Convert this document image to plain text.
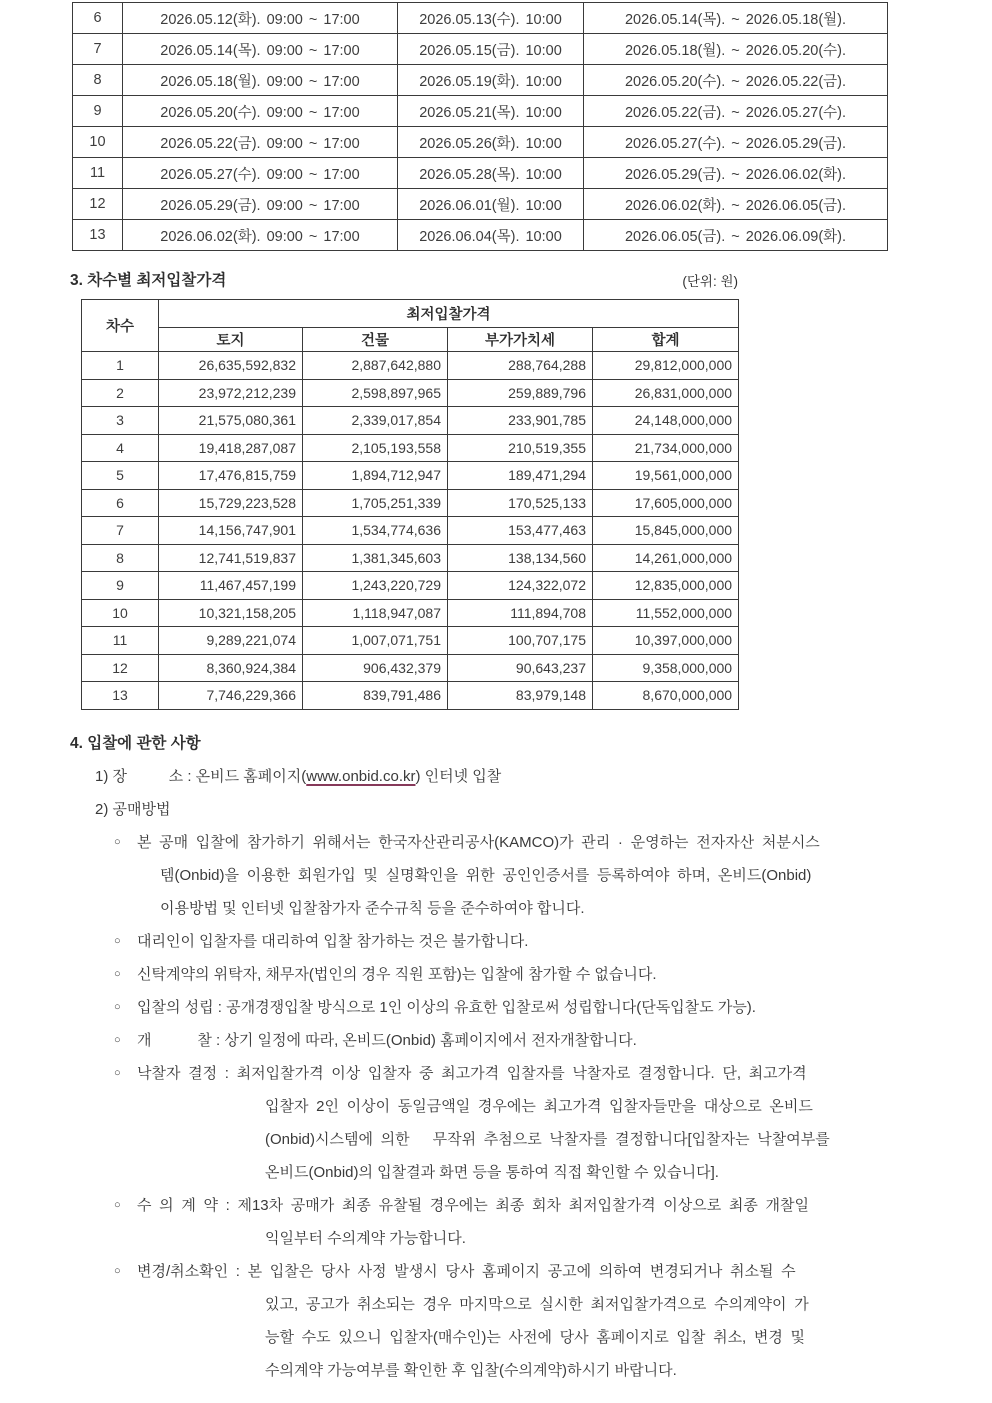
6	2026.05.12(화). 09:00 ~ 17:00	2026.05.13(수). 10:00	2026.05.14(목). ~ 2026.05.18(월).
7	2026.05.14(목). 09:00 ~ 17:00	2026.05.15(금). 10:00	2026.05.18(월). ~ 2026.05.20(수).
8	2026.05.18(월). 09:00 ~ 17:00	2026.05.19(화). 10:00	2026.05.20(수). ~ 2026.05.22(금).
9	2026.05.20(수). 09:00 ~ 17:00	2026.05.21(목). 10:00	2026.05.22(금). ~ 2026.05.27(수).
10	2026.05.22(금). 09:00 ~ 17:00	2026.05.26(화). 10:00	2026.05.27(수). ~ 2026.05.29(금).
11	2026.05.27(수). 09:00 ~ 17:00	2026.05.28(목). 10:00	2026.05.29(금). ~ 2026.06.02(화).
12	2026.05.29(금). 09:00 ~ 17:00	2026.06.01(월). 10:00	2026.06.02(화). ~ 2026.06.05(금).
13	2026.06.02(화). 09:00 ~ 17:00	2026.06.04(목). 10:00	2026.06.05(금). ~ 2026.06.09(화).
3. 차수별 최저입찰가격	(단위: 원)
차수	최저입찰가격			
	토지	건물	부가가치세	합계
1	26,635,592,832	2,887,642,880	288,764,288	29,812,000,000
2	23,972,212,239	2,598,897,965	259,889,796	26,831,000,000
3	21,575,080,361	2,339,017,854	233,901,785	24,148,000,000
4	19,418,287,087	2,105,193,558	210,519,355	21,734,000,000
5	17,476,815,759	1,894,712,947	189,471,294	19,561,000,000
6	15,729,223,528	1,705,251,339	170,525,133	17,605,000,000
7	14,156,747,901	1,534,774,636	153,477,463	15,845,000,000
8	12,741,519,837	1,381,345,603	138,134,560	14,261,000,000
9	11,467,457,199	1,243,220,729	124,322,072	12,835,000,000
10	10,321,158,205	1,118,947,087	111,894,708	11,552,000,000
11	9,289,221,074	1,007,071,751	100,707,175	10,397,000,000
12	8,360,924,384	906,432,379	90,643,237	9,358,000,000
13	7,746,229,366	839,791,486	83,979,148	8,670,000,000
4. 입찰에 관한 사항
1) 장          소 : 온비드 홈페이지(www.onbid.co.kr) 인터넷 입찰
2) 공매방법
○ 본 공매 입찰에 참가하기 위해서는 한국자산관리공사(KAMCO)가 관리 · 운영하는 전자자산 처분시스
템(Onbid)을 이용한 회원가입 및 실명확인을 위한 공인인증서를 등록하여야 하며, 온비드(Onbid)
이용방법 및 인터넷 입찰참가자 준수규칙 등을 준수하여야 합니다.
○ 대리인이 입찰자를 대리하여 입찰 참가하는 것은 불가합니다.
○ 신탁계약의 위탁자, 채무자(법인의 경우 직원 포함)는 입찰에 참가할 수 없습니다.
○ 입찰의 성립 : 공개경쟁입찰 방식으로 1인 이상의 유효한 입찰로써 성립합니다(단독입찰도 가능).
○ 개           찰 : 상기 일정에 따라, 온비드(Onbid) 홈페이지에서 전자개찰합니다.
○ 낙찰자 결정 : 최저입찰가격 이상 입찰자 중 최고가격 입찰자를 낙찰자로 결정합니다. 단, 최고가격
입찰자 2인 이상이 동일금액일 경우에는 최고가격 입찰자들만을 대상으로 온비드
(Onbid)시스템에 의한   무작위 추첨으로 낙찰자를 결정합니다[입찰자는 낙찰여부를
온비드(Onbid)의 입찰결과 화면 등을 통하여 직접 확인할 수 있습니다].
○ 수 의 계 약 : 제13차 공매가 최종 유찰될 경우에는 최종 회차 최저입찰가격 이상으로 최종 개찰일
익일부터 수의계약 가능합니다.
○ 변경/취소확인 : 본 입찰은 당사 사정 발생시 당사 홈페이지 공고에 의하여 변경되거나 취소될 수
있고, 공고가 취소되는 경우 마지막으로 실시한 최저입찰가격으로 수의계약이 가
능할 수도 있으니 입찰자(매수인)는 사전에 당사 홈페이지로 입찰 취소, 변경 및
수의계약 가능여부를 확인한 후 입찰(수의계약)하시기 바랍니다.
